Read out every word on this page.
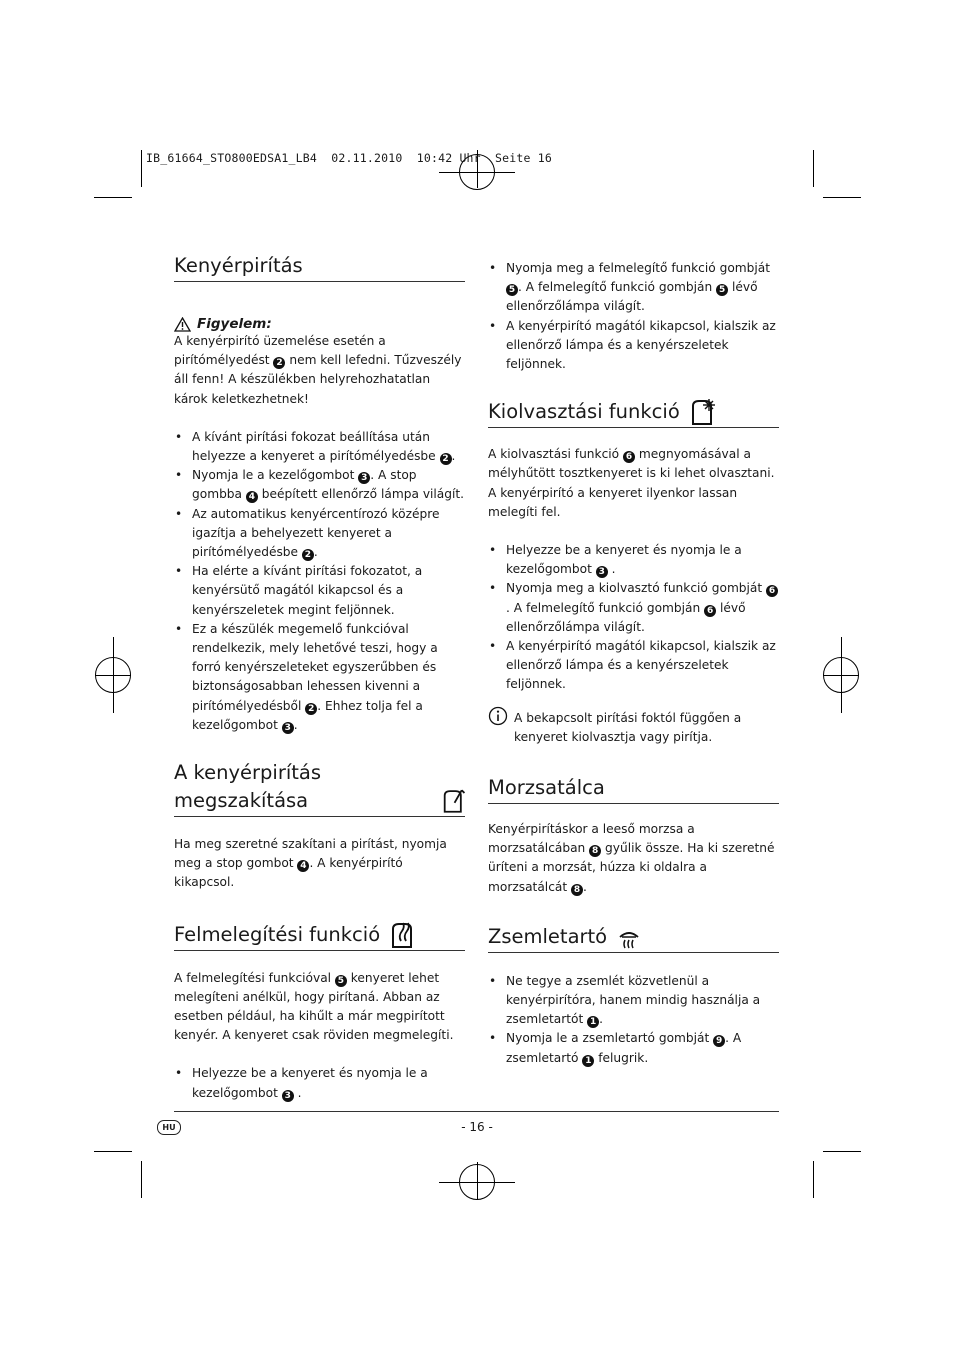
IB_61664_STO800EDSA1_LB4  02.11.2010  10:42 Uhr  Seite 16
Kenyérpirítás
Figyelem:

A kenyérpirító üzemelése esetén a pirítómélyedést 2 nem kell lefedni. Tűzveszély áll fenn! A készülékben helyrehozhatatlan károk keletkezhetnek!

• A kívánt pirítási fokozat beállítása után helyezze a kenyeret a pirítómélyedésbe 2 .
• Nyomja le a kezelőgombot 3 . A stop gombba 4 beépített ellenőrző lámpa világít.
• Az automatikus kenyércentírozó középre igazítja a behelyezett kenyeret a pirítómélyedésbe 2 .
• Ha elérte a kívánt pirítási fokozatot, a kenyérsütő magától kikapcsol és a kenyérszeletek megint feljönnek.
• Ez a készülék megemelő funkcióval rendelkezik, mely lehetővé teszi, hogy a forró kenyérszeleteket egyszerűbben és biztonságosabban lehessen kivenni a pirítómélyedésből 2 . Ehhez tolja fel a kezelőgombot 3 .
A kenyérpirítás megszakítása

Ha meg szeretné szakítani a pirítást, nyomja meg a stop gombot 4 . A kenyérpirító kikapcsol.

Felmelegítési funkció

A felmelegítési funkcióval 5 kenyeret lehet melegíteni anélkül, hogy pirítaná. Abban az esetben például, ha kihűlt a már megpirított kenyér. A kenyeret csak röviden megmelegíti.

• Helyezze be a kenyeret és nyomja le a kezelőgombot 3 .
• Nyomja meg a felmelegítő funkció gombját 5 . A felmelegítő funkció gombján 5 lévő ellenőrzőlámpa világít.
• A kenyérpirító magától kikapcsol, kialszik az ellenőrző lámpa és a kenyérszeletek feljönnek.
Kiolvasztási funkció

A kiolvasztási funkció 6 megnyomásával a mélyhűtött tosztkenyeret is ki lehet olvasztani. A kenyérpirító a kenyeret ilyenkor lassan melegíti fel.

• Helyezze be a kenyeret és nyomja le a kezelőgombot 3 .
• Nyomja meg a kiolvasztó funkció gombját 6. A felmelegítő funkció gombján 6 lévő ellenőrzőlámpa világít.
• A kenyérpirító magától kikapcsol, kialszik az ellenőrző lámpa és a kenyérszeletek feljönnek.
A bekapcsolt pirítási foktól függően a kenyeret kiolvasztja vagy pirítja.
Morzsatálca

Kenyérpirításkor a leeső morzsa a morzsatálcában 8 gyűlik össze. Ha ki szeretné üríteni a morzsát, húzza ki oldalra a morzsatálcát 8 .

Zsemletartó
• Ne tegye a zsemlét közvetlenül a kenyérpirítóra, hanem mindig használja a zsemletartót 1 .
• Nyomja le a zsemletartó gombját 9 . A zsemletartó 1 felugrik.
HU	- 16 -
